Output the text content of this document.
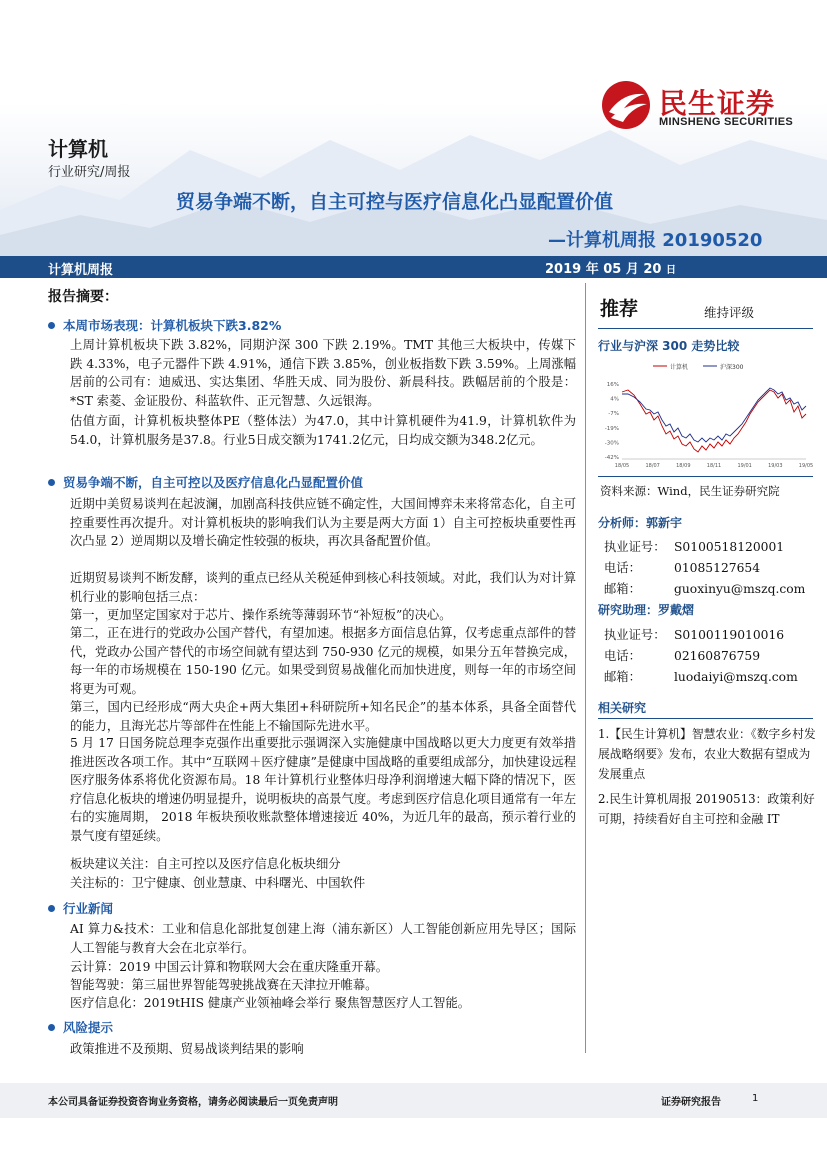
民生证券
MINSHENG SECURITIES
计算机
行业研究/周报
贸易争端不断，自主可控与医疗信息化凸显配置价值
—计算机周报 20190520
计算机周报	2019 年 05 月 20 日
报告摘要：
本周市场表现：计算机板块下跌3.82%
上周计算机板块下跌 3.82%，同期沪深 300 下跌 2.19%。TMT 其他三大板块中，传媒下跌 4.33%，电子元器件下跌 4.91%，通信下跌 3.85%，创业板指数下跌 3.59%。上周涨幅居前的公司有：迪威迅、实达集团、华胜天成、同为股份、新晨科技。跌幅居前的个股是：*ST 索菱、金证股份、科蓝软件、正元智慧、久远银海。
估值方面，计算机板块整体PE（整体法）为47.0，其中计算机硬件为41.9，计算机软件为54.0，计算机服务是37.8。行业5日成交额为1741.2亿元，日均成交额为348.2亿元。
贸易争端不断，自主可控以及医疗信息化凸显配置价值
近期中美贸易谈判在起波澜，加剧高科技供应链不确定性，大国间博弈未来将常态化，自主可控重要性再次提升。对计算机板块的影响我们认为主要是两大方面 1）自主可控板块重要性再次凸显 2）逆周期以及增长确定性较强的板块，再次具备配置价值。
近期贸易谈判不断发酵，谈判的重点已经从关税延伸到核心科技领域。对此，我们认为对计算机行业的影响包括三点：
第一，更加坚定国家对于芯片、操作系统等薄弱环节“补短板”的决心。
第二，正在进行的党政办公国产替代，有望加速。根据多方面信息估算，仅考虑重点部件的替代，党政办公国产替代的市场空间就有望达到 750-930 亿元的规模，如果分五年替换完成，每一年的市场规模在 150-190 亿元。如果受到贸易战催化而加快进度，则每一年的市场空间将更为可观。
第三，国内已经形成“两大央企+两大集团+科研院所+知名民企”的基本体系，具备全面替代的能力，且海光芯片等部件在性能上不输国际先进水平。
5 月 17 日国务院总理李克强作出重要批示强调深入实施健康中国战略以更大力度更有效举措推进医改各项工作。其中“互联网＋医疗健康”是健康中国战略的重要组成部分，加快建设远程医疗服务体系将优化资源布局。18 年计算机行业整体归母净利润增速大幅下降的情况下，医疗信息化板块的增速仍明显提升，说明板块的高景气度。考虑到医疗信息化项目通常有一年左右的实施周期， 2018 年板块预收账款整体增速接近 40%，为近几年的最高，预示着行业的景气度有望延续。
板块建议关注：自主可控以及医疗信息化板块细分
关注标的：卫宁健康、创业慧康、中科曙光、中国软件
行业新闻
AI 算力&技术：工业和信息化部批复创建上海（浦东新区）人工智能创新应用先导区；国际人工智能与教育大会在北京举行。
云计算：2019 中国云计算和物联网大会在重庆隆重开幕。
智能驾驶：第三届世界智能驾驶挑战赛在天津拉开帷幕。
医疗信息化：2019tHIS 健康产业领袖峰会举行 聚焦智慧医疗人工智能。
风险提示
政策推进不及预期、贸易战谈判结果的影响
推荐	维持评级
行业与沪深 300 走势比较
计算机	沪深300
16%
4%
-7%
-19%
-30%
-42%
18/05	18/07	18/09	18/11	19/01	19/03	19/05
资料来源：Wind，民生证券研究院
分析师：郭新宇
执业证号： S0100518120001
电话：	01085127654
邮箱：	guoxinyu@mszq.com
研究助理：罗戴熠
执业证号： S0100119010016
电话：	02160876759
邮箱：	luodaiyi@mszq.com
相关研究
1.【民生计算机】智慧农业：《数字乡村发展战略纲要》发布，农业大数据有望成为发展重点
2.民生计算机周报 20190513：政策利好可期，持续看好自主可控和金融 IT
本公司具备证券投资咨询业务资格，请务必阅读最后一页免责声明	证券研究报告	1
